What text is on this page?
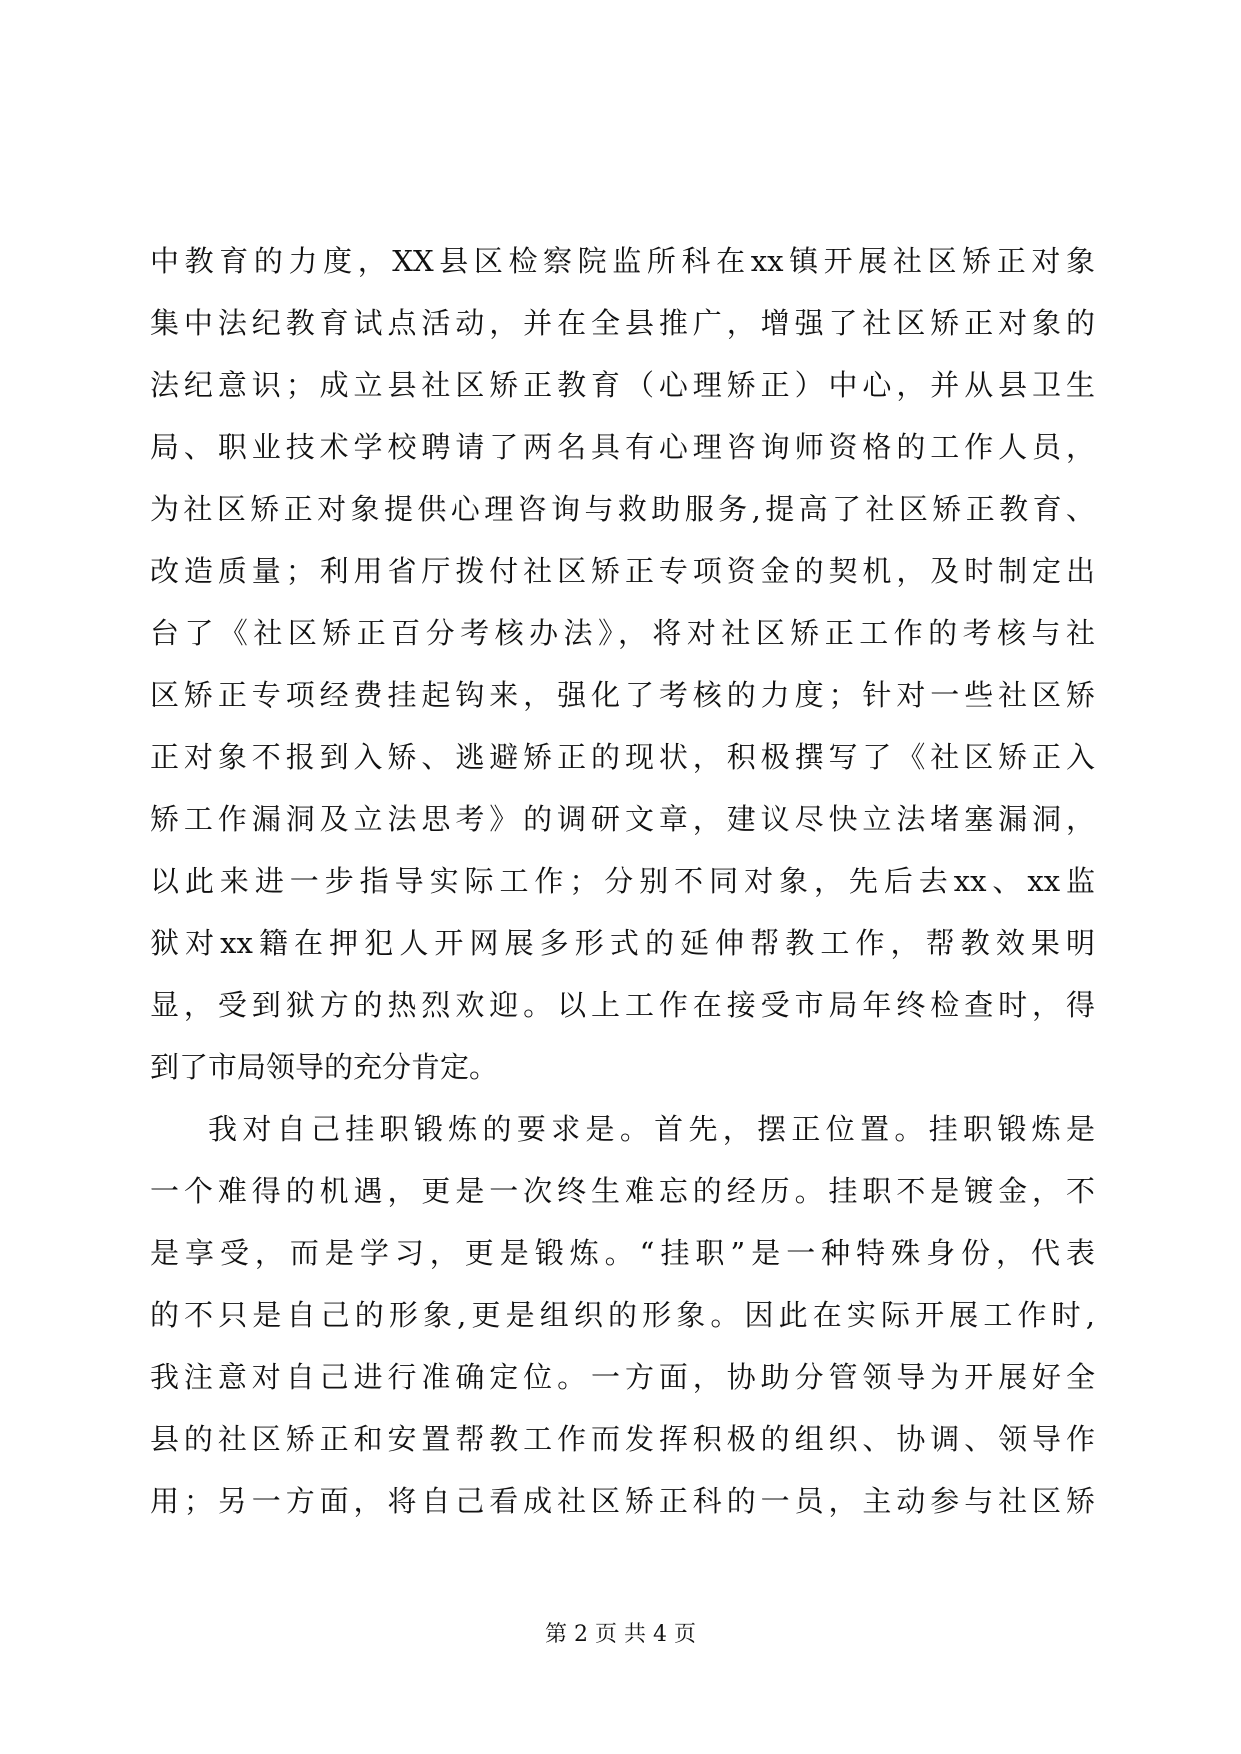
中教育的力度，XX县区检察院监所科在xx镇开展社区矫正对象
集中法纪教育试点活动，并在全县推广，增强了社区矫正对象的
法纪意识；成立县社区矫正教育（心理矫正）中心，并从县卫生
局、职业技术学校聘请了两名具有心理咨询师资格的工作人员，
为社区矫正对象提供心理咨询与救助服务,提高了社区矫正教育、
改造质量；利用省厅拨付社区矫正专项资金的契机，及时制定出
台了《社区矫正百分考核办法》，将对社区矫正工作的考核与社
区矫正专项经费挂起钩来，强化了考核的力度；针对一些社区矫
正对象不报到入矫、逃避矫正的现状，积极撰写了《社区矫正入
矫工作漏洞及立法思考》的调研文章，建议尽快立法堵塞漏洞，
以此来进一步指导实际工作；分别不同对象，先后去xx、xx监
狱对xx籍在押犯人开网展多形式的延伸帮教工作，帮教效果明
显，受到狱方的热烈欢迎。以上工作在接受市局年终检查时，得
到了市局领导的充分肯定。
我对自己挂职锻炼的要求是。首先，摆正位置。挂职锻炼是
一个难得的机遇，更是一次终生难忘的经历。挂职不是镀金，不
是享受，而是学习，更是锻炼。“挂职”是一种特殊身份，代表
的不只是自己的形象,更是组织的形象。因此在实际开展工作时,
我注意对自己进行准确定位。一方面，协助分管领导为开展好全
县的社区矫正和安置帮教工作而发挥积极的组织、协调、领导作
用；另一方面，将自己看成社区矫正科的一员，主动参与社区矫
第 2 页 共 4 页
